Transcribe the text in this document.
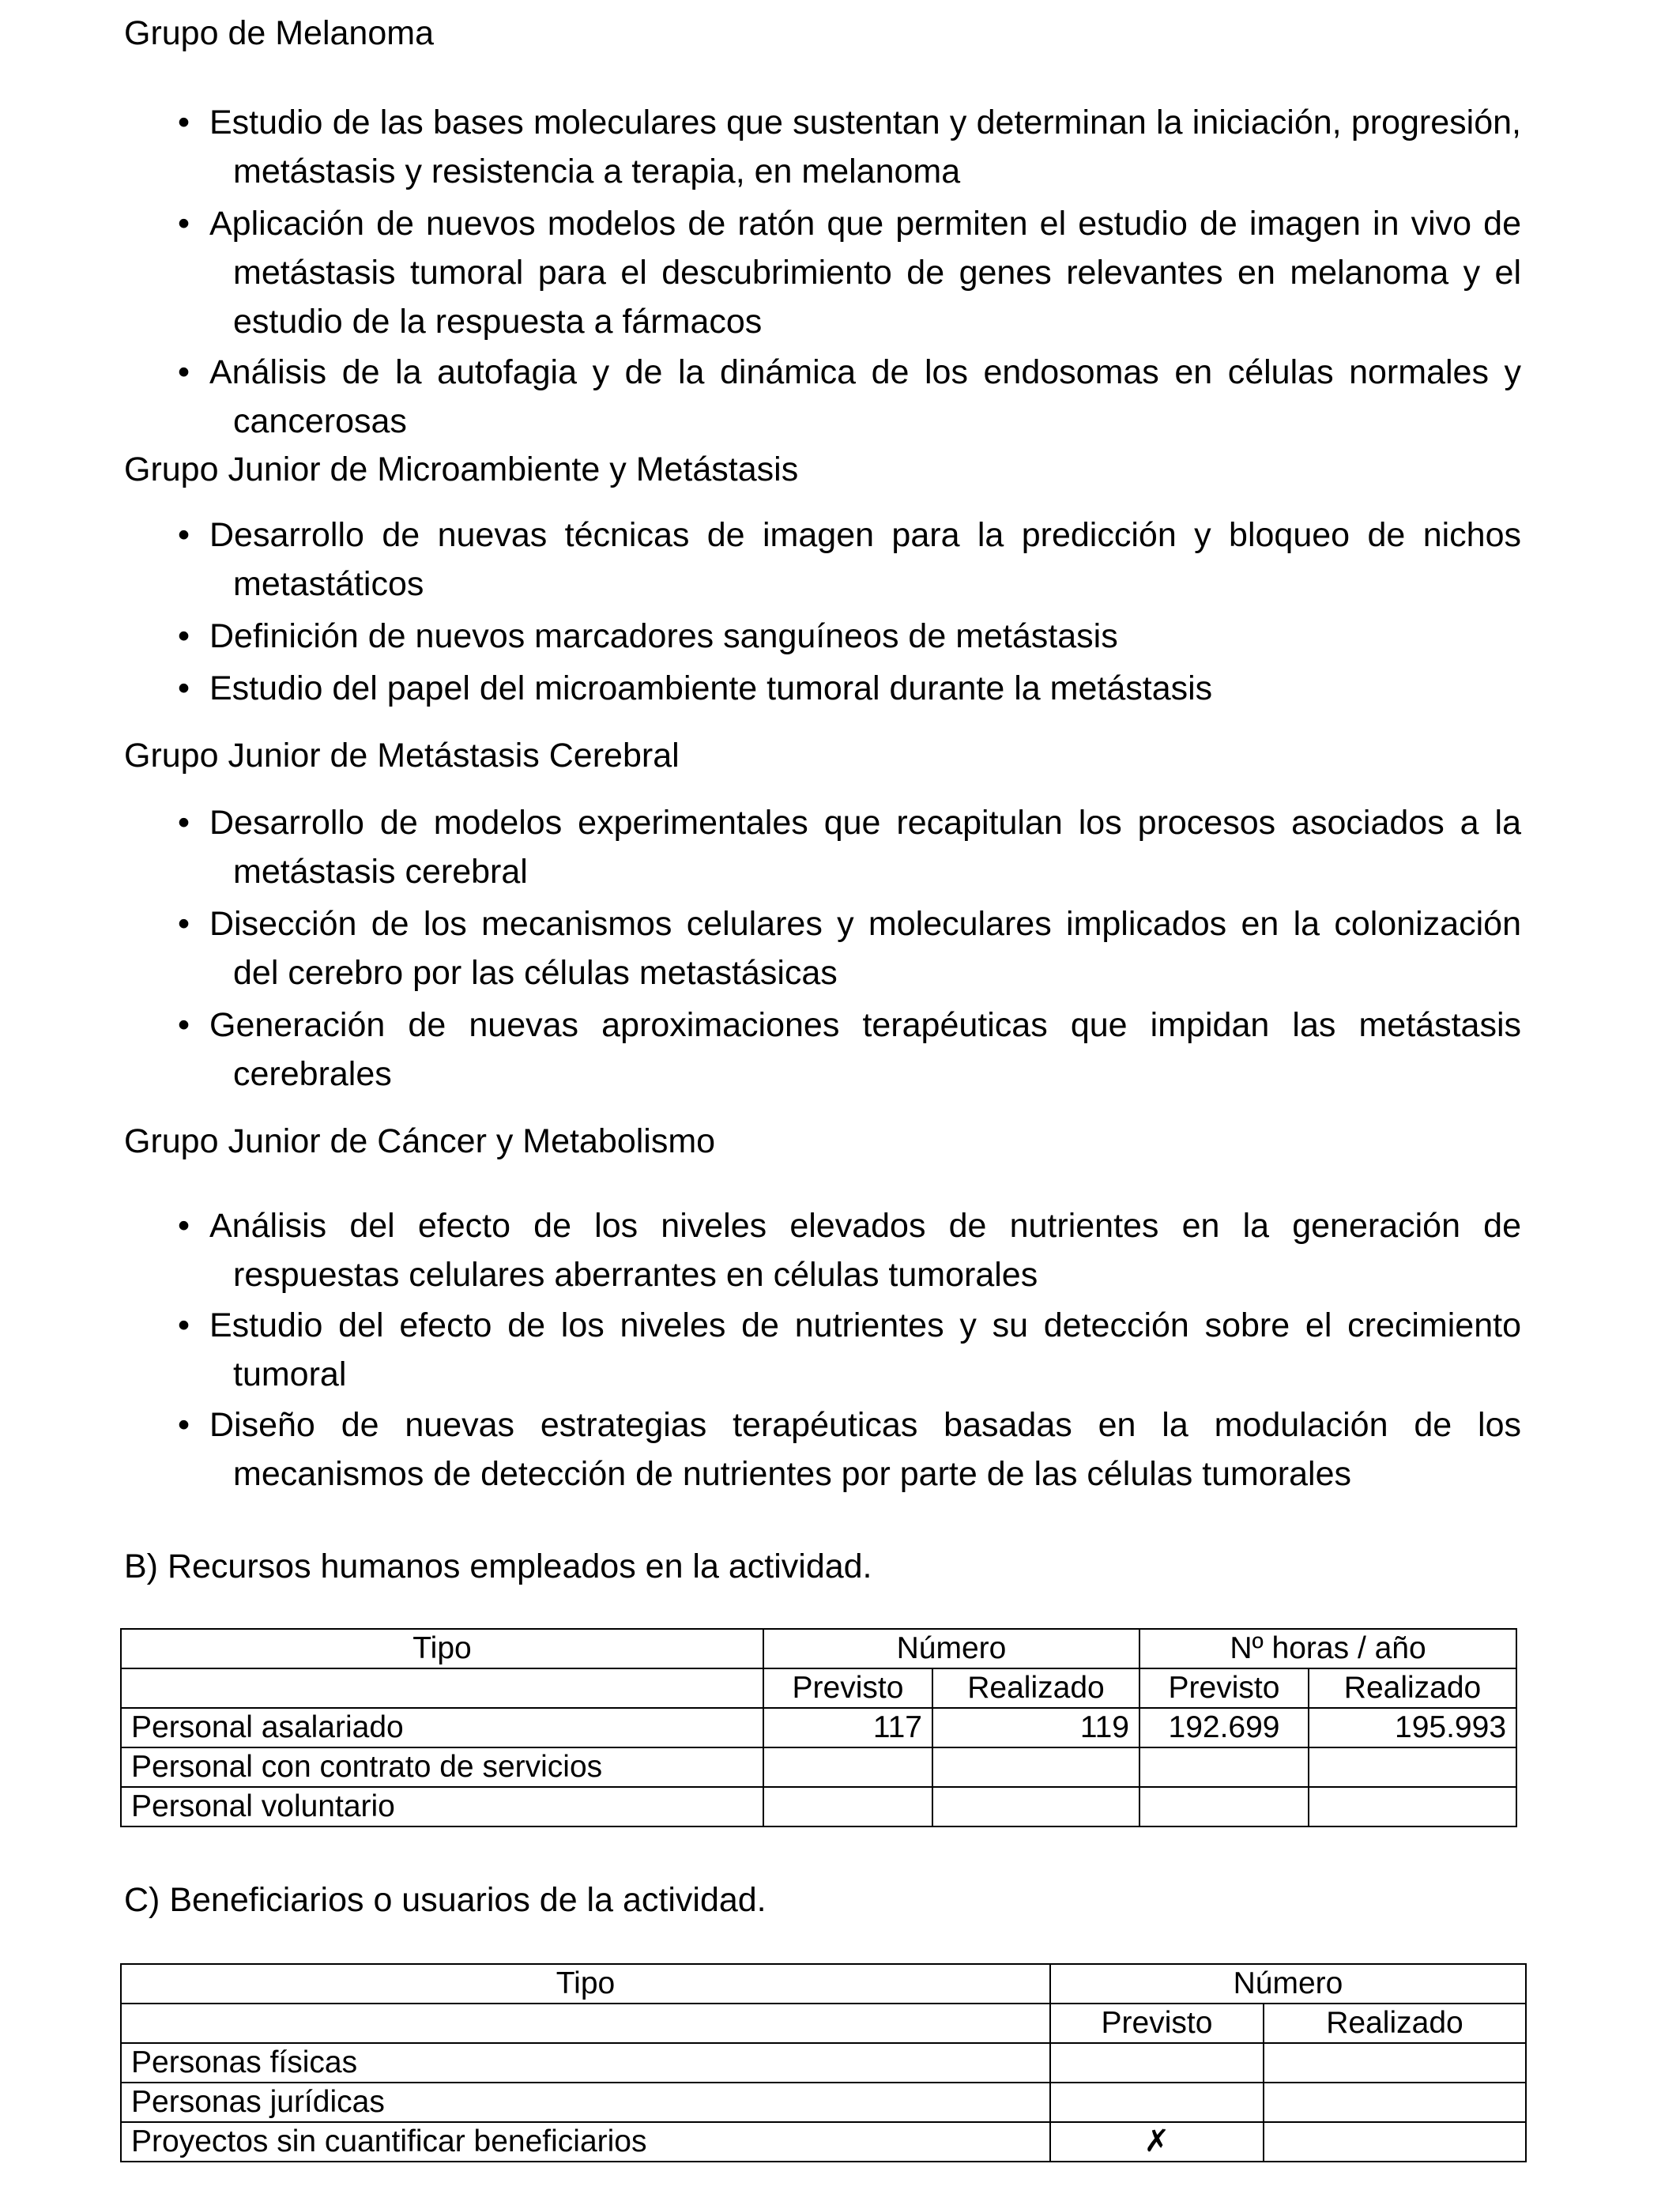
Grupo de Melanoma
• Estudio de las bases moleculares que sustentan y determinan la iniciación, progresión, metástasis y resistencia a terapia, en melanoma
• Aplicación de nuevos modelos de ratón que permiten el estudio de imagen in vivo de metástasis tumoral para el descubrimiento de genes relevantes en melanoma y el estudio de la respuesta a fármacos
• Análisis de la autofagia y de la dinámica de los endosomas en células normales y cancerosas
Grupo Junior de Microambiente y Metástasis
• Desarrollo de nuevas técnicas de imagen para la predicción y bloqueo de nichos metastáticos
• Definición de nuevos marcadores sanguíneos de metástasis
• Estudio del papel del microambiente tumoral durante la metástasis
Grupo Junior de Metástasis Cerebral
• Desarrollo de modelos experimentales que recapitulan los procesos asociados a la metástasis cerebral
• Disección de los mecanismos celulares y moleculares implicados en la colonización del cerebro por las células metastásicas
• Generación de nuevas aproximaciones terapéuticas que impidan las metástasis cerebrales
Grupo Junior de Cáncer y Metabolismo
• Análisis del efecto de los niveles elevados de nutrientes en la generación de respuestas celulares aberrantes en células tumorales
• Estudio del efecto de los niveles de nutrientes y su detección sobre el crecimiento tumoral
• Diseño de nuevas estrategias terapéuticas basadas en la modulación de los mecanismos de detección de nutrientes por parte de las células tumorales
B) Recursos humanos empleados en la actividad.
Tipo	Número		Nº horas / año	
	Previsto	Realizado	Previsto	Realizado
Personal asalariado	117	119	192.699	195.993
Personal con contrato de servicios				
Personal voluntario				
C) Beneficiarios o usuarios de la actividad.
Tipo	Número	
	Previsto	Realizado
Personas físicas		
Personas jurídicas		
Proyectos sin cuantificar beneficiarios	✗	
